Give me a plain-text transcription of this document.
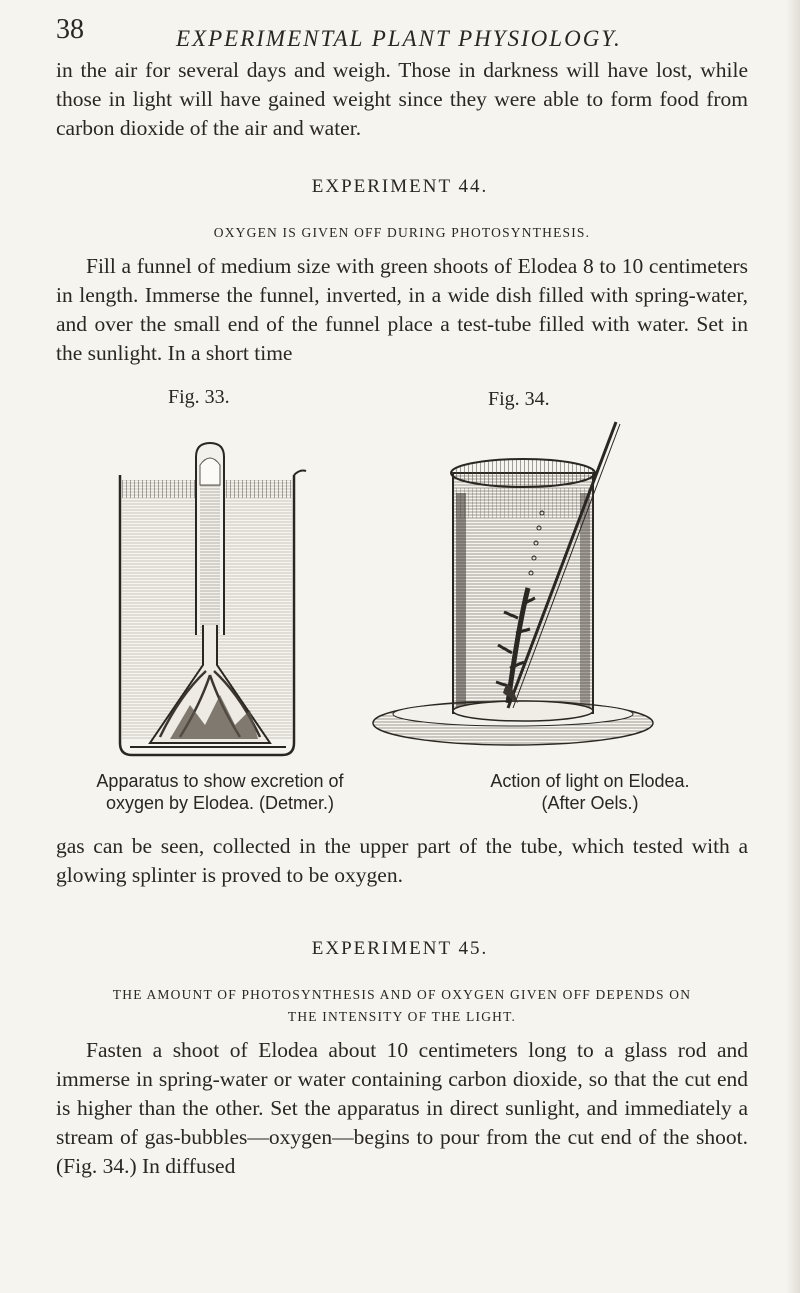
38	EXPERIMENTAL PLANT PHYSIOLOGY.

in the air for several days and weigh. Those in darkness will have lost, while those in light will have gained weight since they were able to form food from carbon dioxide of the air and water.

EXPERIMENT 44.
OXYGEN IS GIVEN OFF DURING PHOTOSYNTHESIS.

Fill a funnel of medium size with green shoots of Elodea 8 to 10 centimeters in length. Immerse the funnel, inverted, in a wide dish filled with spring-water, and over the small end of the funnel place a test-tube filled with water. Set in the sunlight. In a short time

Fig. 33.	Fig. 34.
Apparatus to show excretion of
oxygen by Elodea. (Detmer.)
Action of light on Elodea.
(After Oels.)

gas can be seen, collected in the upper part of the tube, which tested with a glowing splinter is proved to be oxygen.

EXPERIMENT 45.
THE AMOUNT OF PHOTOSYNTHESIS AND OF OXYGEN GIVEN OFF DEPENDS ON
THE INTENSITY OF THE LIGHT.

Fasten a shoot of Elodea about 10 centimeters long to a glass rod and immerse in spring-water or water containing carbon dioxide, so that the cut end is higher than the other. Set the apparatus in direct sunlight, and immediately a stream of gas-bubbles—oxygen—begins to pour from the cut end of the shoot. (Fig. 34.) In diffused
